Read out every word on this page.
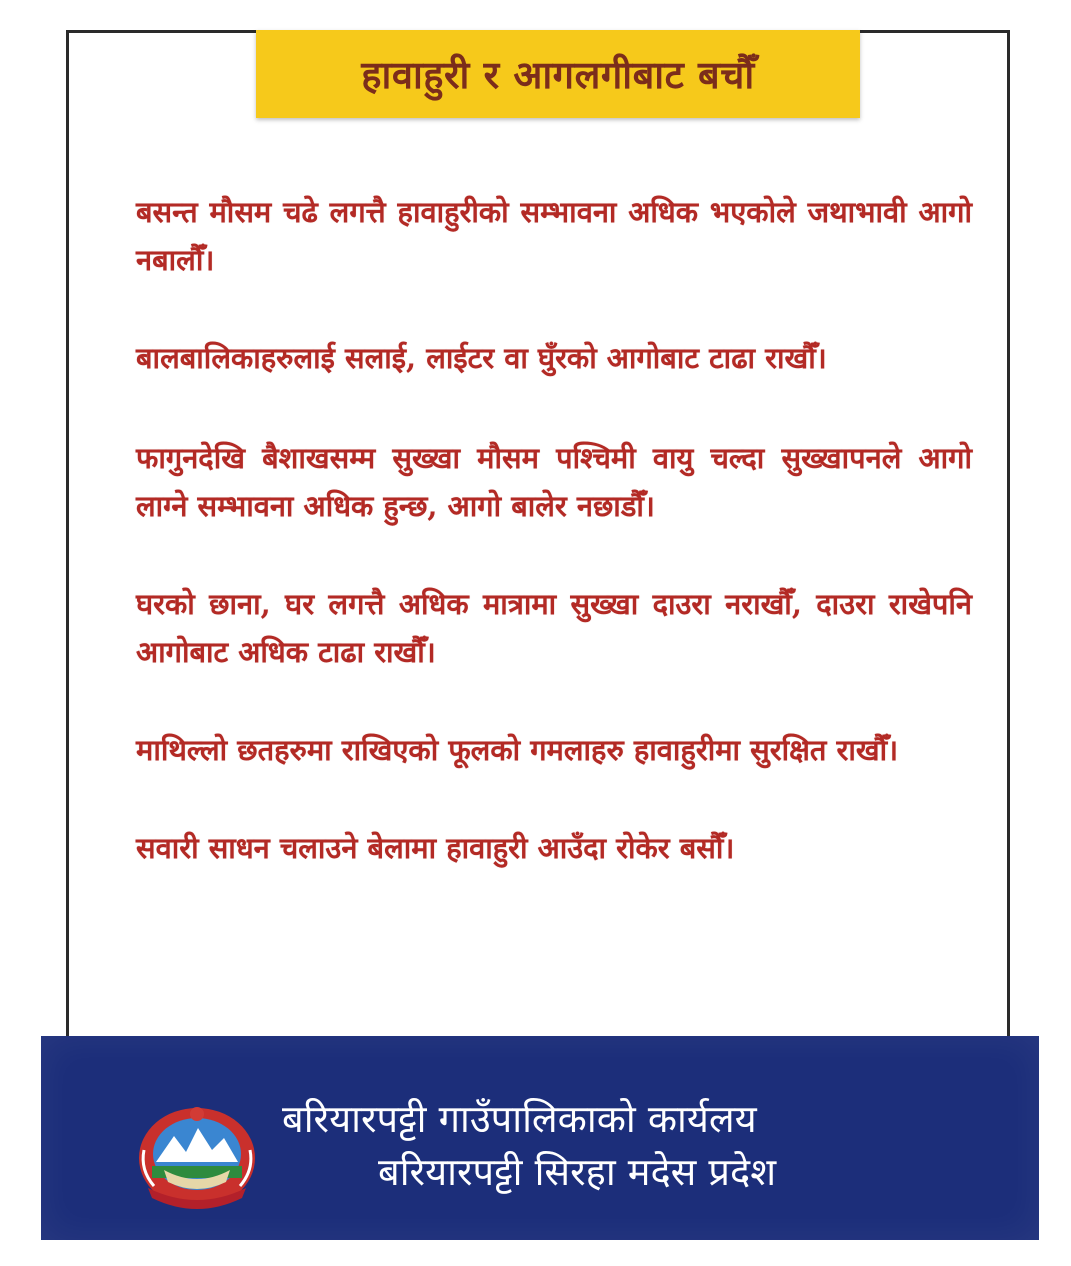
हावाहुरी र आगलगीबाट बचौँ
बसन्त मौसम चढे लगत्तै हावाहुरीको सम्भावना अधिक भएकोले जथाभावी आगो नबालौँ।
बालबालिकाहरुलाई सलाई, लाईटर वा घुँरको आगोबाट टाढा राखौँ।
फागुनदेखि बैशाखसम्म सुख्खा मौसम पश्चिमी वायु चल्दा सुख्खापनले आगो लाग्ने सम्भावना अधिक हुन्छ, आगो बालेर नछाडौँ।
घरको छाना, घर लगत्तै अधिक मात्रामा सुख्खा दाउरा नराखौँ, दाउरा राखेपनि आगोबाट अधिक टाढा राखौँ।
माथिल्लो छतहरुमा राखिएको फूलको गमलाहरु हावाहुरीमा सुरक्षित राखौँ।
सवारी साधन चलाउने बेलामा हावाहुरी आउँदा रोकेर बसौँ।
बरियारपट्टी गाउँपालिकाको कार्यलय
बरियारपट्टी सिरहा मदेस प्रदेश
